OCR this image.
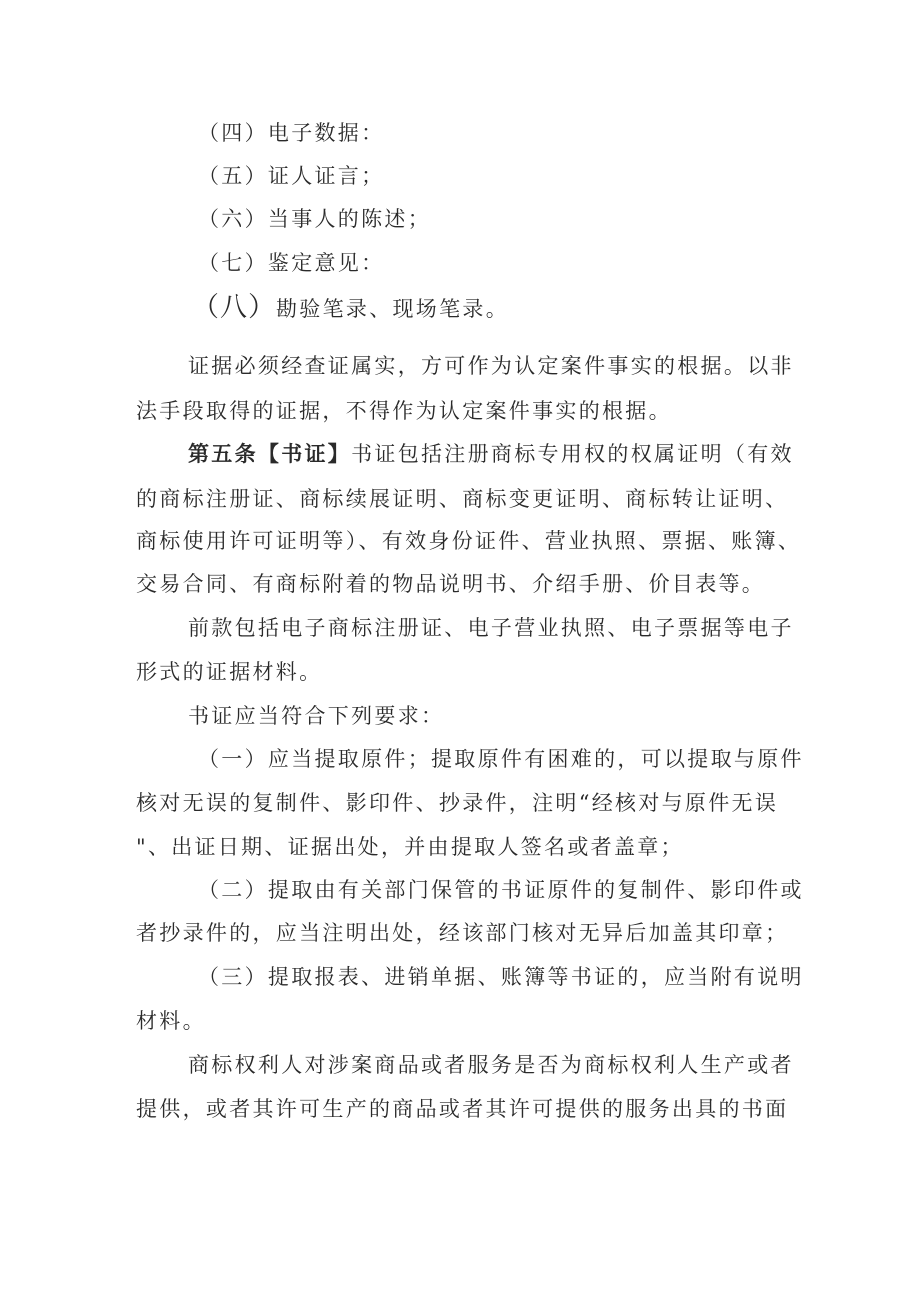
（四）电子数据：
（五）证人证言；
（六）当事人的陈述；
（七）鉴定意见：
（八）勘验笔录、现场笔录。
证据必须经查证属实，方可作为认定案件事实的根据。以非
法手段取得的证据，不得作为认定案件事实的根据。
第五条【书证】书证包括注册商标专用权的权属证明（有效
的商标注册证、商标续展证明、商标变更证明、商标转让证明、
商标使用许可证明等）、有效身份证件、营业执照、票据、账簿、
交易合同、有商标附着的物品说明书、介绍手册、价目表等。
前款包括电子商标注册证、电子营业执照、电子票据等电子
形式的证据材料。
书证应当符合下列要求：
（一）应当提取原件；提取原件有困难的，可以提取与原件
核对无误的复制件、影印件、抄录件，注明“经核对与原件无误
"、出证日期、证据出处，并由提取人签名或者盖章；
（二）提取由有关部门保管的书证原件的复制件、影印件或
者抄录件的，应当注明出处，经该部门核对无异后加盖其印章；
（三）提取报表、进销单据、账簿等书证的，应当附有说明
材料。
商标权利人对涉案商品或者服务是否为商标权利人生产或者
提供，或者其许可生产的商品或者其许可提供的服务出具的书面
